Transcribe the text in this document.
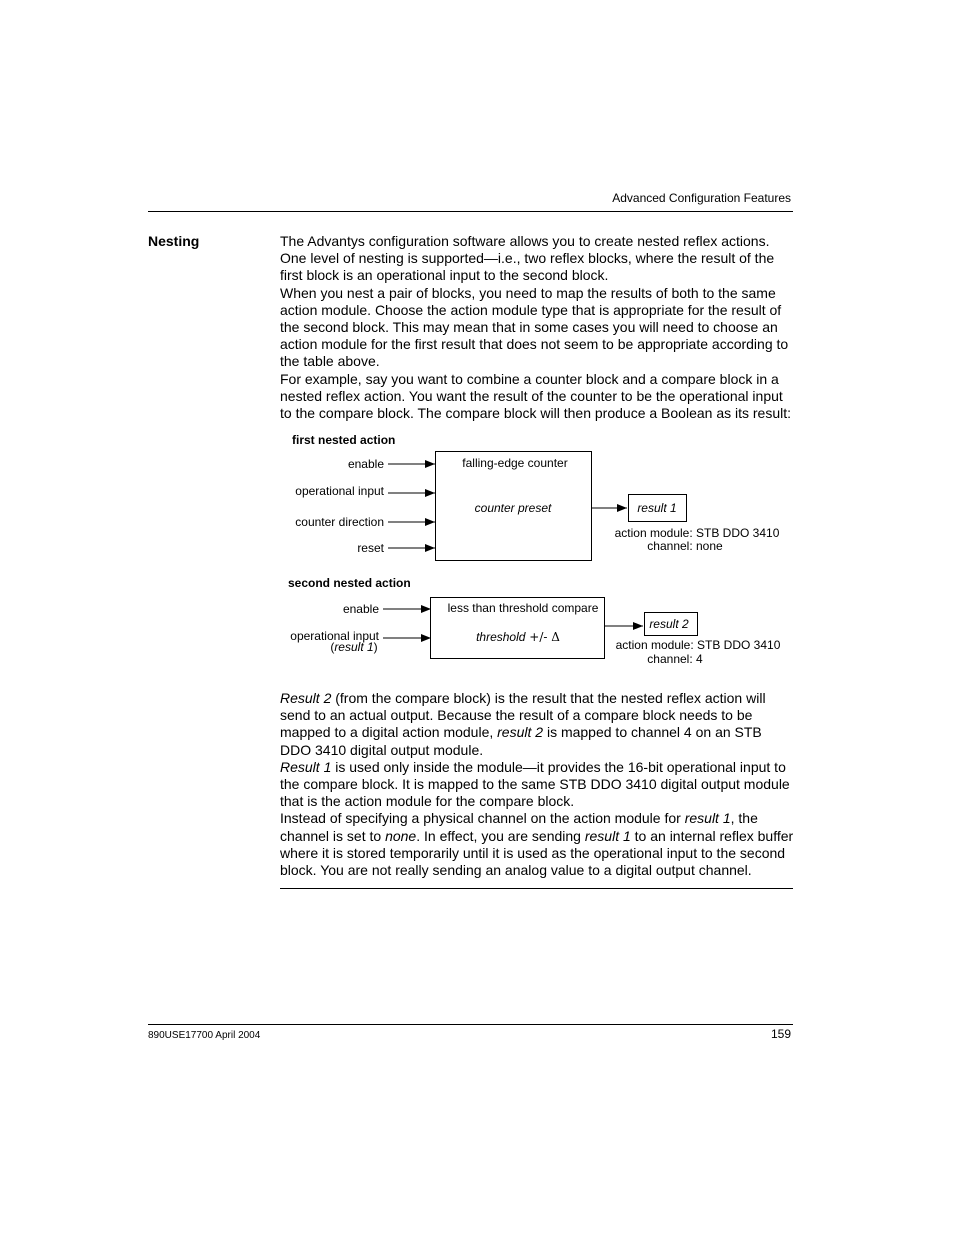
Advanced Configuration Features
Nesting	The Advantys configuration software allows you to create nested reflex actions. One level of nesting is supported—i.e., two reflex blocks, where the result of the first block is an operational input to the second block.

When you nest a pair of blocks, you need to map the results of both to the same action module. Choose the action module type that is appropriate for the result of the second block. This may mean that in some cases you will need to choose an action module for the first result that does not seem to be appropriate according to the table above.

For example, say you want to combine a counter block and a compare block in a nested reflex action. You want the result of the counter to be the operational input to the compare block. The compare block will then produce a Boolean as its result:

first nested action
enable
operational input
counter direction
reset
falling-edge counter
counter preset	result 1
action module: STB DDO 3410
channel: none
second nested action
enable
operational input
(result 1)
less than threshold compare
threshold +/- Δ
result 2
action module: STB DDO 3410
channel: 4

Result 2 (from the compare block) is the result that the nested reflex action will send to an actual output. Because the result of a compare block needs to be mapped to a digital action module, result 2 is mapped to channel 4 on an STB DDO 3410 digital output module.

Result 1 is used only inside the module—it provides the 16-bit operational input to the compare block. It is mapped to the same STB DDO 3410 digital output module that is the action module for the compare block.

Instead of specifying a physical channel on the action module for result 1, the channel is set to none. In effect, you are sending result 1 to an internal reflex buffer where it is stored temporarily until it is used as the operational input to the second block. You are not really sending an analog value to a digital output channel.

890USE17700 April 2004	159
